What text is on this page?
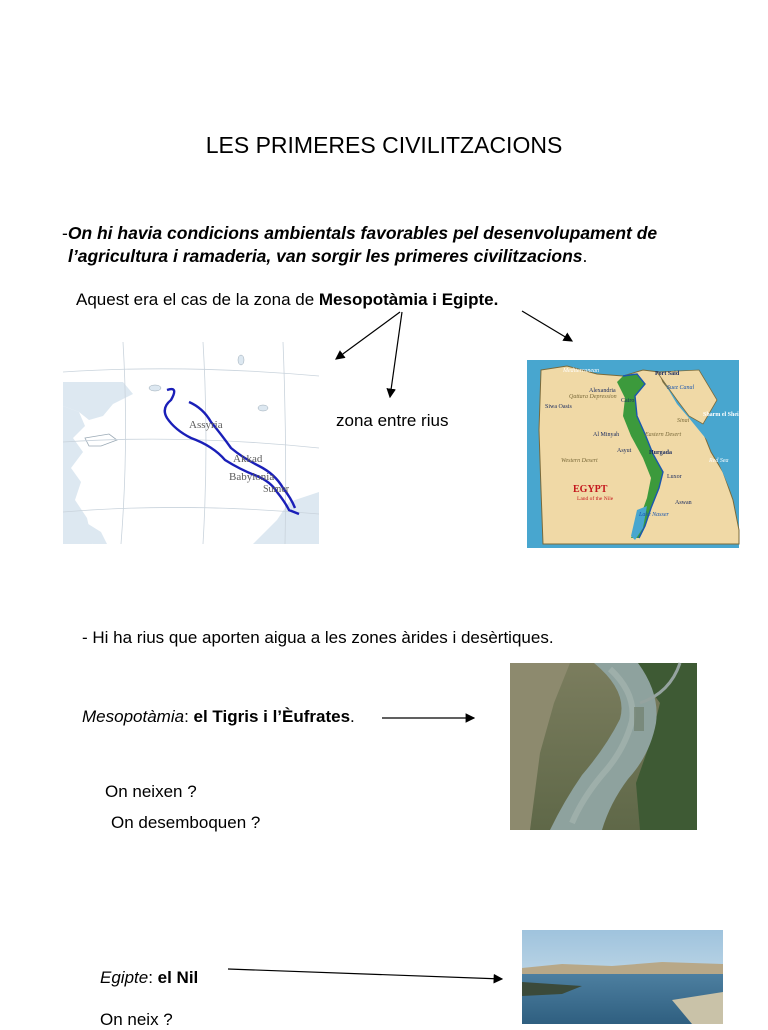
LES PRIMERES CIVILITZACIONS
-On hi havia condicions ambientals favorables pel desenvolupament de
l’agricultura i ramaderia, van sorgir les primeres civilitzacions.
Aquest era el cas de la zona de Mesopotàmia i Egipte.
Assyria
Akkad
Babylonia
Sumer
zona entre rius
Mediterranean	Port Said
Alexandria	Suez Canal
Siwa Oasis
Cairo
Sinai
Sharm el Sheikh
Al Minyah	Eastern Desert
Hurgada
Red Sea
Asyut
Western Desert
Luxor
Aswan
Lake Nasser
Qattara Depression
EGYPT
Land of the Nile
- Hi ha rius que aporten aigua a les zones àrides i desèrtiques.
Mesopotàmia: el Tigris i l’Èufrates.
On neixen ?
On desemboquen ?
Egipte: el Nil
On neix ?
